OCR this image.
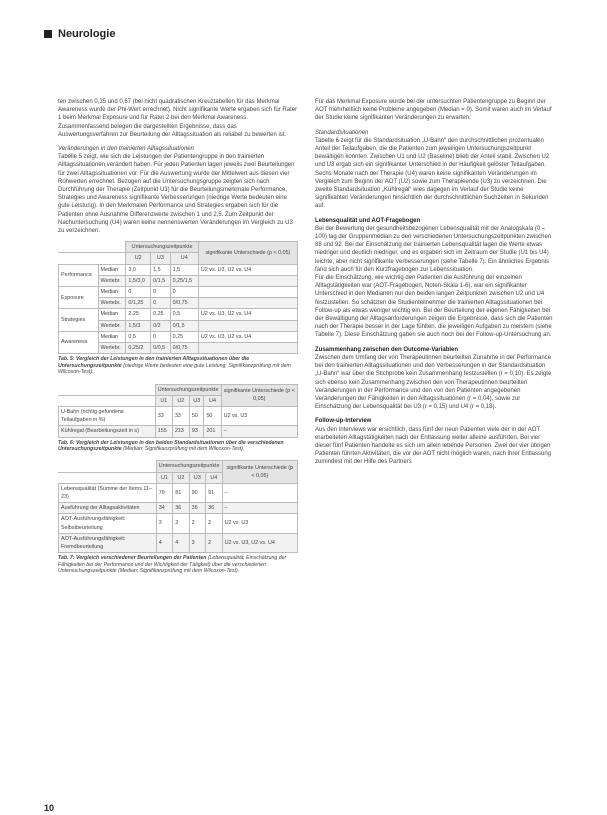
Neurologie

ten zwischen 0,35 und 0,67 (bei nicht quadratischen Kreuztabellen für das Merkmal Awareness wurde der Phi-Wert errechnet). Nicht signifikante Werte ergaben sich für Rater 1 beim Merkmal Exposure und für Rater 2 bei den Merkmal Awareness. Zusammenfassend belegen die dargestellten Ergebnisse, dass das Auswertungsverfahren zur Beurteilung der Alltagssituation als reliabel zu bewerten ist.

Veränderungen in den trainierten Alltagssituationen

Tabelle 5 zeigt, wie sich die Leistungen der Patientengruppe in den trainierten Alltagssituationen verändert haben. Für jeden Patienten lagen jeweils zwei Beurteilungen für zwei Alltagssituationen vor. Für die Auswertung wurde der Mittelwert aus diesen vier Rohwerten errechnet. Bezogen auf die Untersuchungsgruppe zeigten sich nach Durchführung der Therapie (Zeitpunkt U3) für die Beurteilungsmerkmale Performance, Strategies und Awareness signifikante Verbesserungen (niedrige Werte bedeuten eine gute Leistung). In den Merkmalen Performance und Strategies ergaben sich für die Patienten ohne Ausnahme Differenzwerte zwischen 1 und 2,5. Zum Zeitpunkt der Nachuntersuchung (U4) waren keine nennenswerten Veränderungen im Vergleich zu U3 zu verzeichnen.

		Untersuchungszeitpunkte			signifikante Unterschiede (p < 0,05)
		U2	U3	U4	
Performance	Median	3,0	1,5	1,5	U2 vs. U3, U2 vs. U4
	Wertebr.	1,5/3,0	0/1,5	0,25/1,5	
Exposure	Median	0	0	0	
	Wertebr.	0/1,25	0	0/0,75	
Strategies	Median	2,25	0,25	0,5	U2 vs. U3, U2 vs. U4
	Wertebr.	1,5/3	0/2	0/1,5	
Awareness	Median	0,5	0	0,25	U2 vs. U3, U2 vs. U4
	Wertebr.	0,25/2	0/0,5	0/0,75	
Tab. 5: Vergleich der Leistungen in den trainierten Alltagssituationen über die Untersuchungszeitpunkte (niedrige Werte bedeuten eine gute Leistung; Signifikanzprüfung mit dem Wilcoxon-Test).
	Untersuchungszeitpunkte				signifikante Unterschiede (p < 0,05)
	U1	U2	U3	U4	
U-Bahn (richtig gefundene Teilaufgaben in %)	33	33	50	50	U2 vs. U3
Kühlregal (Bearbeitungszeit in s)	155	213	93	201	–
Tab. 6: Vergleich der Leistungen in den beiden Standardsituationen über die verschiedenen Untersuchungszeitpunkte (Median; Signifikanzprüfung mit dem Wilcoxon-Test).
	Untersuchungszeitpunkte				signifikante Unterschiede (p < 0,05)
	U1	U2	U3	U4	
Lebensqualität (Summe der Items 11–23)	79	81	90	91	–
Ausführung der Alltagsaktivitäten	34	36	36	36	–
AOT-Ausführungsfähigkeit: Selbstbeurteilung	3	2	2	2	U2 vs. U3
AOT-Ausführungsfähigkeit: Fremdbeurteilung	4	4	3	2	U2 vs. U3, U2 vs. U4
Tab. 7: Vergleich verschiedener Beurteilungen der Patienten (Lebensqualität, Einschätzung der Fähigkeiten bei der Performance und der Wichtigkeit der Tätigkeit) über die verschiedenen Untersuchungszeitpunkte (Median; Signifikanzprüfung mit dem Wilcoxon-Test).

Für das Merkmal Exposure wurde bei der untersuchten Patientengruppe zu Beginn der AOT mehrheitlich keine Probleme angegeben (Median = 0). Somit waren auch im Verlauf der Studie keine signifikanten Veränderungen zu erwarten.

Standardsituationen

Tabelle 6 zeigt für die Standardsituation „U-Bahn“ den durchschnittlichen prozentualen Anteil der Teilaufgaben, die die Patienten zum jeweiligen Untersuchungszeitpunkt bewältigen konnten. Zwischen U1 und U2 (Baseline) blieb der Anteil stabil. Zwischen U2 und U3 ergab sich ein signifikanter Unterschied in der Häufigkeit gelöster Teilaufgaben. Sechs Monate nach der Therapie (U4) waren keine signifikanten Veränderungen im Vergleich zum Beginn der AOT (U2) sowie zum Therapieende (U3) zu verzeichnen. Die zweite Standardsituation „Kühlregal“ wies dagegen im Verlauf der Studie keine signifikanten Veränderungen hinsichtlich der durchschnittlichen Suchzeiten in Sekunden auf.

Lebensqualität und AOT-Fragebogen

Bei der Bewertung der gesundheitsbezogenen Lebensqualität mit der Analogskala (0 – 100) lag der Gruppenmedian zu den verschiedenen Untersuchungszeitpunkten zwischen 88 und 92. Bei der Einschätzung der trainierten Lebensqualität lagen die Werte etwas niedriger und deutlich niedriger, und es ergaben sich im Zeitraum der Studie (U1 bis U4) leichte, aber nicht signifikante Verbesserungen (siehe Tabelle 7). Ein ähnliches Ergebnis fand sich auch für den Kurzfragebogen zur Lebenssituation.

Für die Einschätzung, wie wichtig den Patienten die Ausführung der einzelnen Alltagstätigkeiten war (AOT-Fragebogen, Noten-Skala 1-6), war ein signifikanter Unterschied in den Medianen nur den beiden langen Zeitpunkten zwischen U2 und U4 festzustellen. So schätzten die Studienteilnehmer die trainierten Alltagssituationen bei Follow-up als etwas weniger wichtig ein. Bei der Beurteilung der eigenen Fähigkeiten bei der Bewältigung der Alltagsanforderungen zeigen die Ergebnisse, dass sich die Patienten nach der Therapie besser in der Lage fühlten, die jeweiligen Aufgaben zu meistern (siehe Tabelle 7). Diese Einschätzung gaben sie auch noch bei der Follow-up-Untersuchung an.

Zusammenhang zwischen den Outcome-Variablen

Zwischen dem Umfang der von Therapeutinnen beurteilten Zunahme in der Performance bei den trainierten Alltagssituationen und den Verbesserungen in der Standardsituation „U-Bahn“ war über die Stichprobe kein Zusammenhang festzustellen (r = 0,10). Es zeigte sich ebenso kein Zusammenhang zwischen den von Therapeutinnen beurteilten Veränderungen in der Performance und den von den Patienten angegebenen Veränderungen der Fähigkeiten in den Alltagssituationen (r = 0,04), sowie zur Einschätzung der Lebensqualität bei U3 (r = 0,15) und U4 (r = 0,18).

Follow-up-Interview

Aus den Interviews war ersichtlich, dass fünf der neun Patienten viele der in der AOT erarbeiteten Alltagstätigkeiten nach der Entlassung weiter alleine ausführten. Bei vier dieser fünf Patienten handelte es sich um allein lebende Personen. Zwei der vier übrigen Patienten führten Aktivitäten, die vor der AOT nicht möglich waren, nach ihrer Entlassung zumindest mit der Hilfe des Partners

10
